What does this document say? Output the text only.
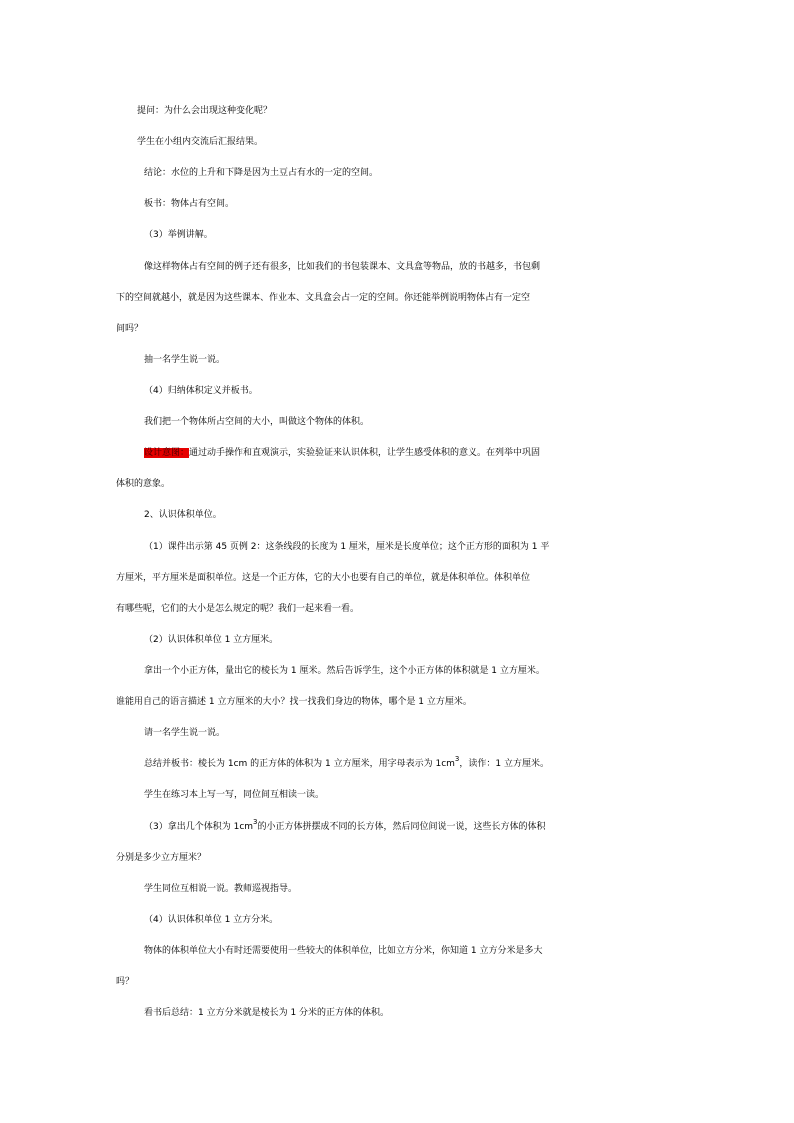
提问：为什么会出现这种变化呢？
学生在小组内交流后汇报结果。
结论：水位的上升和下降是因为土豆占有水的一定的空间。
板书：物体占有空间。
（3）举例讲解。
像这样物体占有空间的例子还有很多，比如我们的书包装课本、文具盒等物品，放的书越多，书包剩
下的空间就越小，就是因为这些课本、作业本、文具盒会占一定的空间。你还能举例说明物体占有一定空
间吗？
抽一名学生说一说。
（4）归纳体积定义并板书。
我们把一个物体所占空间的大小，叫做这个物体的体积。
设计意图：通过动手操作和直观演示，实验验证来认识体积，让学生感受体积的意义。在列举中巩固
体积的意象。
2、认识体积单位。
（1）课件出示第 45 页例 2：这条线段的长度为 1 厘米，厘米是长度单位；这个正方形的面积为 1 平
方厘米，平方厘米是面积单位。这是一个正方体，它的大小也要有自己的单位，就是体积单位。体积单位
有哪些呢，它们的大小是怎么规定的呢？我们一起来看一看。
（2）认识体积单位 1 立方厘米。
拿出一个小正方体，量出它的棱长为 1 厘米。然后告诉学生，这个小正方体的体积就是 1 立方厘米。
谁能用自己的语言描述 1 立方厘米的大小？找一找我们身边的物体，哪个是 1 立方厘米。
请一名学生说一说。
总结并板书：棱长为 1cm 的正方体的体积为 1 立方厘米，用字母表示为 $1cm^3$，读作：1 立方厘米。
学生在练习本上写一写，同位间互相读一读。
（3）拿出几个体积为 $1cm^3$的小正方体拼摆成不同的长方体，然后同位间说一说，这些长方体的体积
分别是多少立方厘米？
学生同位互相说一说。教师巡视指导。
（4）认识体积单位 1 立方分米。
物体的体积单位大小有时还需要使用一些较大的体积单位，比如立方分米，你知道 1 立方分米是多大
吗？
看书后总结：1 立方分米就是棱长为 1 分米的正方体的体积。
